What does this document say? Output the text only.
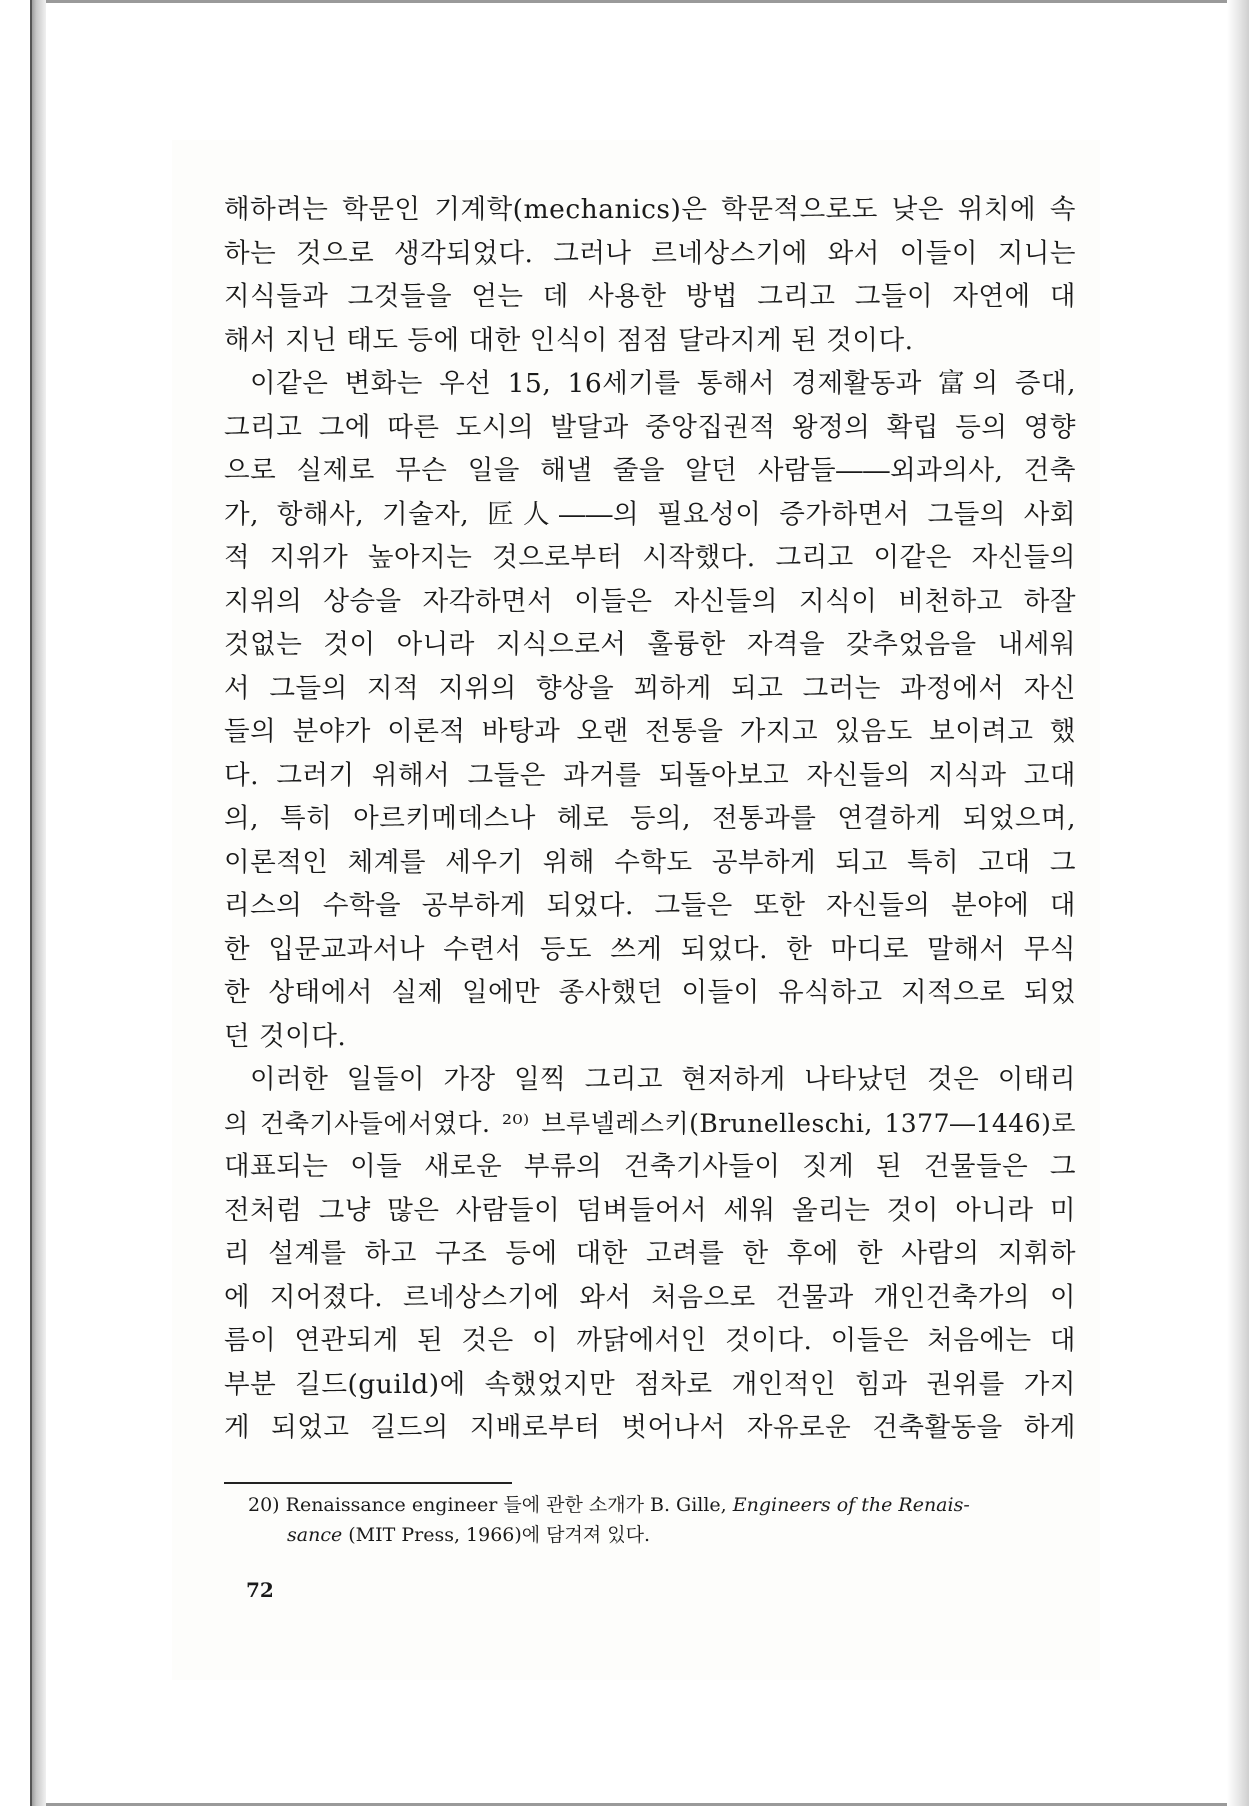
해하려는 학문인 기계학(mechanics)은 학문적으로도 낮은 위치에 속
하는 것으로 생각되었다. 그러나 르네상스기에 와서 이들이 지니는
지식들과 그것들을 얻는 데 사용한 방법 그리고 그들이 자연에 대
해서 지닌 태도 등에 대한 인식이 점점 달라지게 된 것이다.
이같은 변화는 우선 15, 16세기를 통해서 경제활동과 富의 증대,
그리고 그에 따른 도시의 발달과 중앙집권적 왕정의 확립 등의 영향
으로 실제로 무슨 일을 해낼 줄을 알던 사람들――외과의사, 건축
가, 항해사, 기술자, 匠人――의 필요성이 증가하면서 그들의 사회
적 지위가 높아지는 것으로부터 시작했다. 그리고 이같은 자신들의
지위의 상승을 자각하면서 이들은 자신들의 지식이 비천하고 하잘
것없는 것이 아니라 지식으로서 훌륭한 자격을 갖추었음을 내세워
서 그들의 지적 지위의 향상을 꾀하게 되고 그러는 과정에서 자신
들의 분야가 이론적 바탕과 오랜 전통을 가지고 있음도 보이려고 했
다. 그러기 위해서 그들은 과거를 되돌아보고 자신들의 지식과 고대
의, 특히 아르키메데스나 헤로 등의, 전통과를 연결하게 되었으며,
이론적인 체계를 세우기 위해 수학도 공부하게 되고 특히 고대 그
리스의 수학을 공부하게 되었다. 그들은 또한 자신들의 분야에 대
한 입문교과서나 수련서 등도 쓰게 되었다. 한 마디로 말해서 무식
한 상태에서 실제 일에만 종사했던 이들이 유식하고 지적으로 되었
던 것이다.
이러한 일들이 가장 일찍 그리고 현저하게 나타났던 것은 이태리
의 건축기사들에서였다. ²⁰⁾ 브루넬레스키(Brunelleschi, 1377―1446)로
대표되는 이들 새로운 부류의 건축기사들이 짓게 된 건물들은 그
전처럼 그냥 많은 사람들이 덤벼들어서 세워 올리는 것이 아니라 미
리 설계를 하고 구조 등에 대한 고려를 한 후에 한 사람의 지휘하
에 지어졌다. 르네상스기에 와서 처음으로 건물과 개인건축가의 이
름이 연관되게 된 것은 이 까닭에서인 것이다. 이들은 처음에는 대
부분 길드(guild)에 속했었지만 점차로 개인적인 힘과 권위를 가지
게 되었고 길드의 지배로부터 벗어나서 자유로운 건축활동을 하게
20) Renaissance engineer 들에 관한 소개가 B. Gille, Engineers of the Renais-
sance (MIT Press, 1966)에 담겨져 있다.
72
